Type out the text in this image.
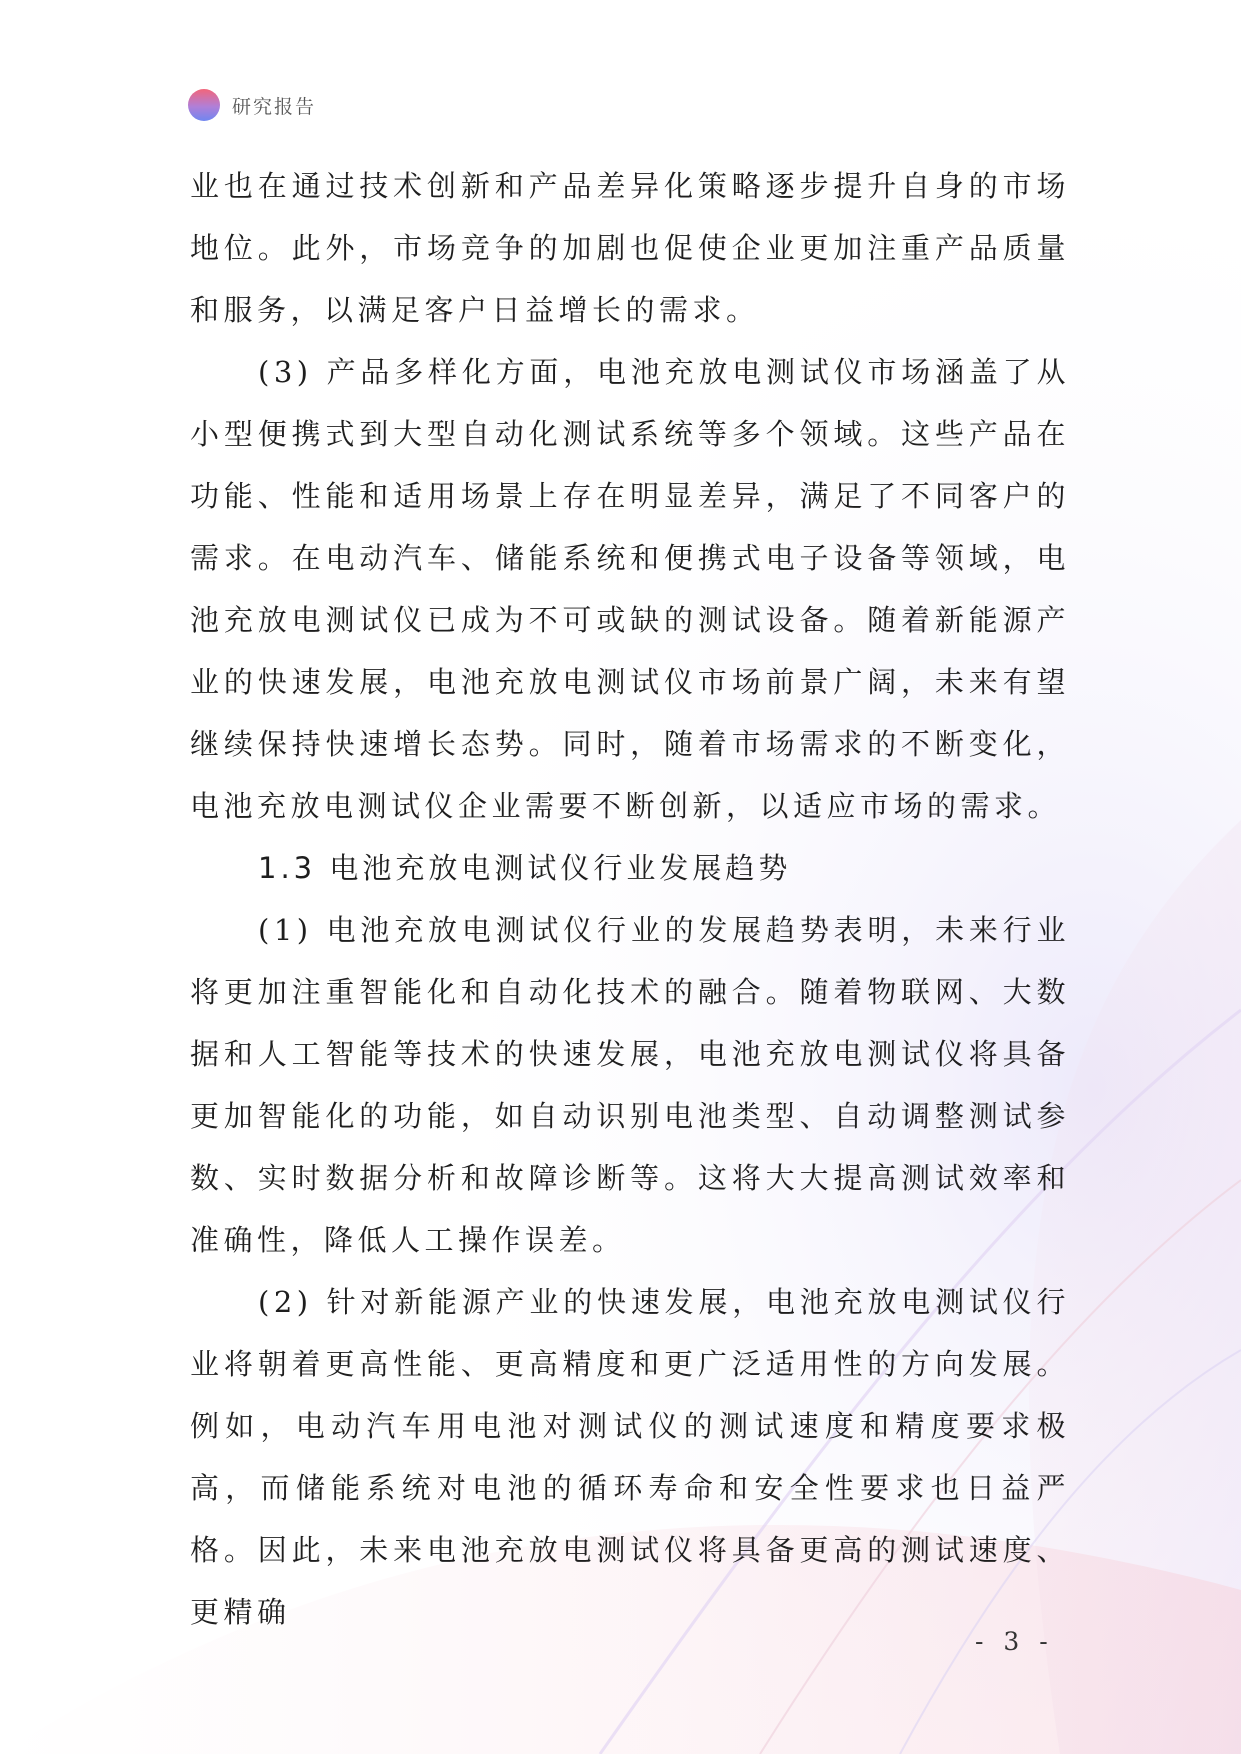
研究报告

业也在通过技术创新和产品差异化策略逐步提升自身的市场地位。此外，市场竞争的加剧也促使企业更加注重产品质量和服务，以满足客户日益增长的需求。

(3) 产品多样化方面，电池充放电测试仪市场涵盖了从小型便携式到大型自动化测试系统等多个领域。这些产品在功能、性能和适用场景上存在明显差异，满足了不同客户的需求。在电动汽车、储能系统和便携式电子设备等领域，电池充放电测试仪已成为不可或缺的测试设备。随着新能源产业的快速发展，电池充放电测试仪市场前景广阔，未来有望继续保持快速增长态势。同时，随着市场需求的不断变化，电池充放电测试仪企业需要不断创新，以适应市场的需求。

1.3 电池充放电测试仪行业发展趋势

(1) 电池充放电测试仪行业的发展趋势表明，未来行业将更加注重智能化和自动化技术的融合。随着物联网、大数据和人工智能等技术的快速发展，电池充放电测试仪将具备更加智能化的功能，如自动识别电池类型、自动调整测试参数、实时数据分析和故障诊断等。这将大大提高测试效率和准确性，降低人工操作误差。

(2) 针对新能源产业的快速发展，电池充放电测试仪行业将朝着更高性能、更高精度和更广泛适用性的方向发展。例如，电动汽车用电池对测试仪的测试速度和精度要求极高，而储能系统对电池的循环寿命和安全性要求也日益严格。因此，未来电池充放电测试仪将具备更高的测试速度、更精确

- 3 -
